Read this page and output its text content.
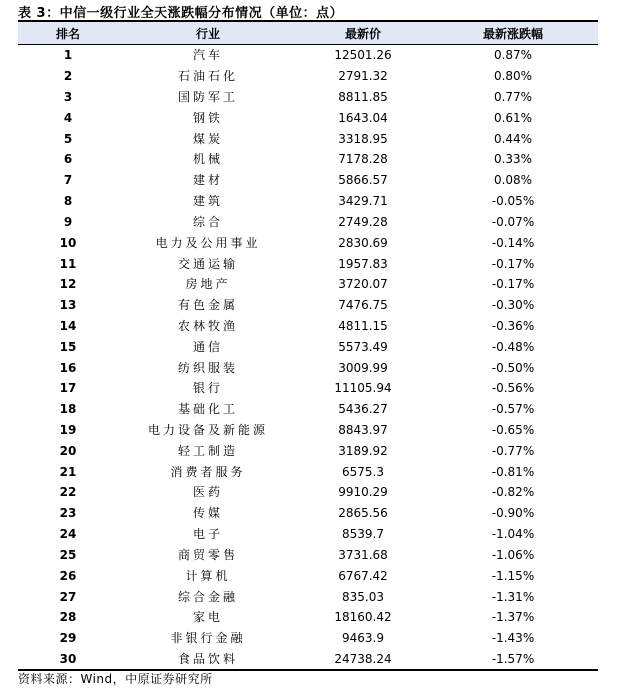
表 3：中信一级行业全天涨跌幅分布情况（单位：点）
排名	行业	最新价	最新涨跌幅
1	汽车	12501.26	0.87%
2	石油石化	2791.32	0.80%
3	国防军工	8811.85	0.77%
4	钢铁	1643.04	0.61%
5	煤炭	3318.95	0.44%
6	机械	7178.28	0.33%
7	建材	5866.57	0.08%
8	建筑	3429.71	-0.05%
9	综合	2749.28	-0.07%
10	电力及公用事业	2830.69	-0.14%
11	交通运输	1957.83	-0.17%
12	房地产	3720.07	-0.17%
13	有色金属	7476.75	-0.30%
14	农林牧渔	4811.15	-0.36%
15	通信	5573.49	-0.48%
16	纺织服装	3009.99	-0.50%
17	银行	11105.94	-0.56%
18	基础化工	5436.27	-0.57%
19	电力设备及新能源	8843.97	-0.65%
20	轻工制造	3189.92	-0.77%
21	消费者服务	6575.3	-0.81%
22	医药	9910.29	-0.82%
23	传媒	2865.56	-0.90%
24	电子	8539.7	-1.04%
25	商贸零售	3731.68	-1.06%
26	计算机	6767.42	-1.15%
27	综合金融	835.03	-1.31%
28	家电	18160.42	-1.37%
29	非银行金融	9463.9	-1.43%
30	食品饮料	24738.24	-1.57%
资料来源：Wind，中原证券研究所
